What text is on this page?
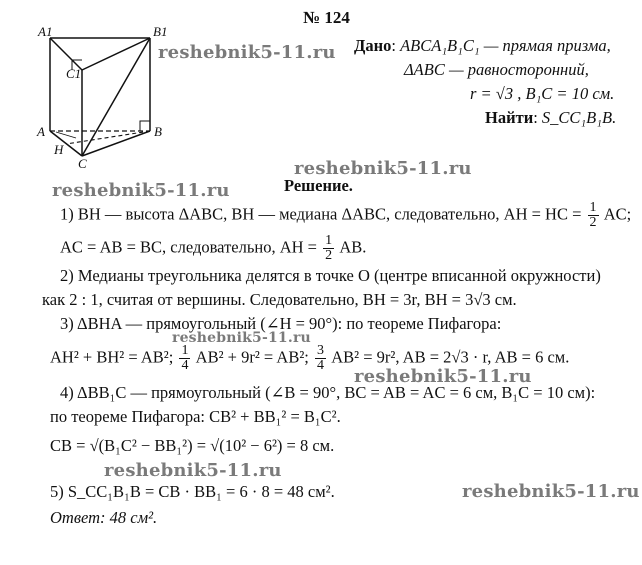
№ 124
A1	B1
C1
A	B
C
H
Дано: ABCA₁B₁C₁ — прямая призма,
ΔABC — равносторонний,
r = √3 , B₁C = 10 см.
Найти: S_CC₁B₁B.
Решение.
1) BH — высота ΔABC, BH — медиана ΔABC, следовательно, AH = HC = $\frac{1}{2}$ AC;
AC = AB = BC, следовательно, AH = $\frac{1}{2}$ AB.
2) Медианы треугольника делятся в точке O (центре вписанной окружности)
как 2 : 1, считая от вершины. Следовательно, BH = 3r, BH = 3√3 см.
3) ΔBHA — прямоугольный (∠H = 90°): по теореме Пифагора:
AH² + BH² = AB²; $\frac{1}{4} AB^2 + 9r^2 = AB^2$; $\frac{3}{4} AB^2 = 9r^2$, AB = 2√3 · r, AB = 6 см.
4) ΔBB₁C — прямоугольный (∠B = 90°, BC = AB = AC = 6 см, B₁C = 10 см):
по теореме Пифагора: CB² + BB₁² = B₁C².
CB = √(B₁C² − BB₁²) = √(10² − 6²) = 8 см.
5) S_CC₁B₁B = CB · BB₁ = 6 · 8 = 48 см².
Ответ: 48 см².
reshebnik5-11.ru
reshebnik5-11.ru
reshebnik5-11.ru
reshebnik5-11.ru
reshebnik5-11.ru
reshebnik5-11.ru
reshebnik5-11.ru
